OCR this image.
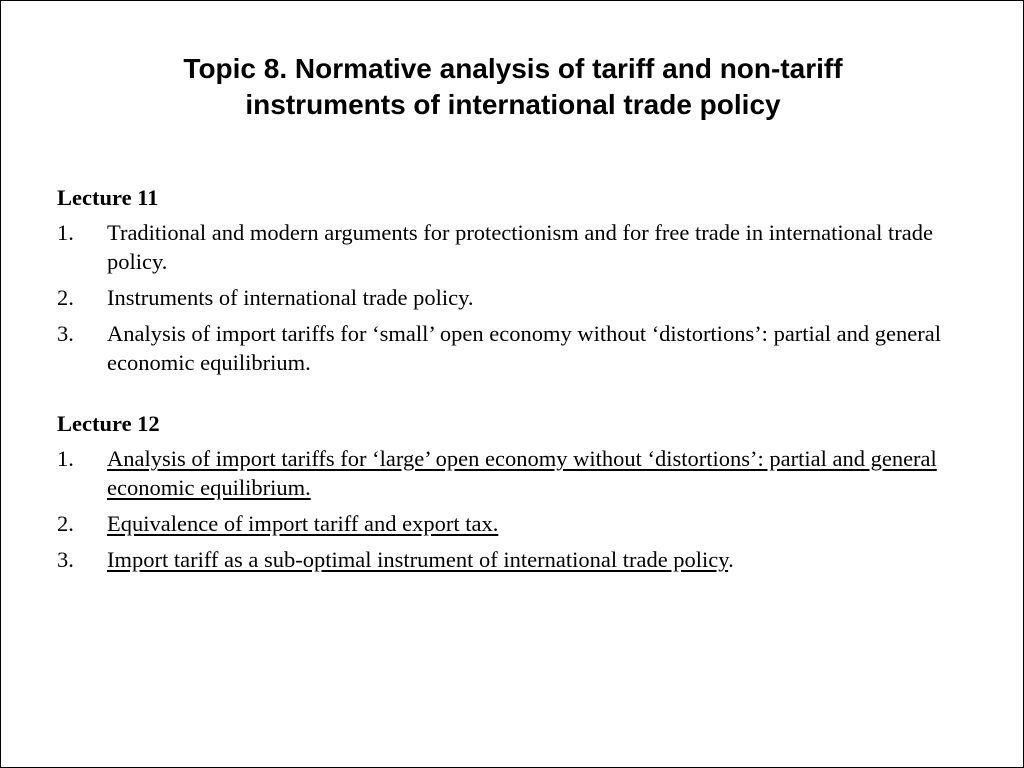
Topic 8. Normative analysis of tariff and non-tariff
instruments of international trade policy
Lecture 11
1.	Traditional and modern arguments for protectionism and for free trade in international trade policy.
2.	Instruments of international trade policy.
3.	Analysis of import tariffs for ‘small’ open economy without ‘distortions’: partial and general economic equilibrium.
Lecture 12
1.	Analysis of import tariffs for ‘large’ open economy without ‘distortions’: partial and general economic equilibrium.
2.	Equivalence of import tariff and export tax.
3.	Import tariff as a sub-optimal instrument of international trade policy.
